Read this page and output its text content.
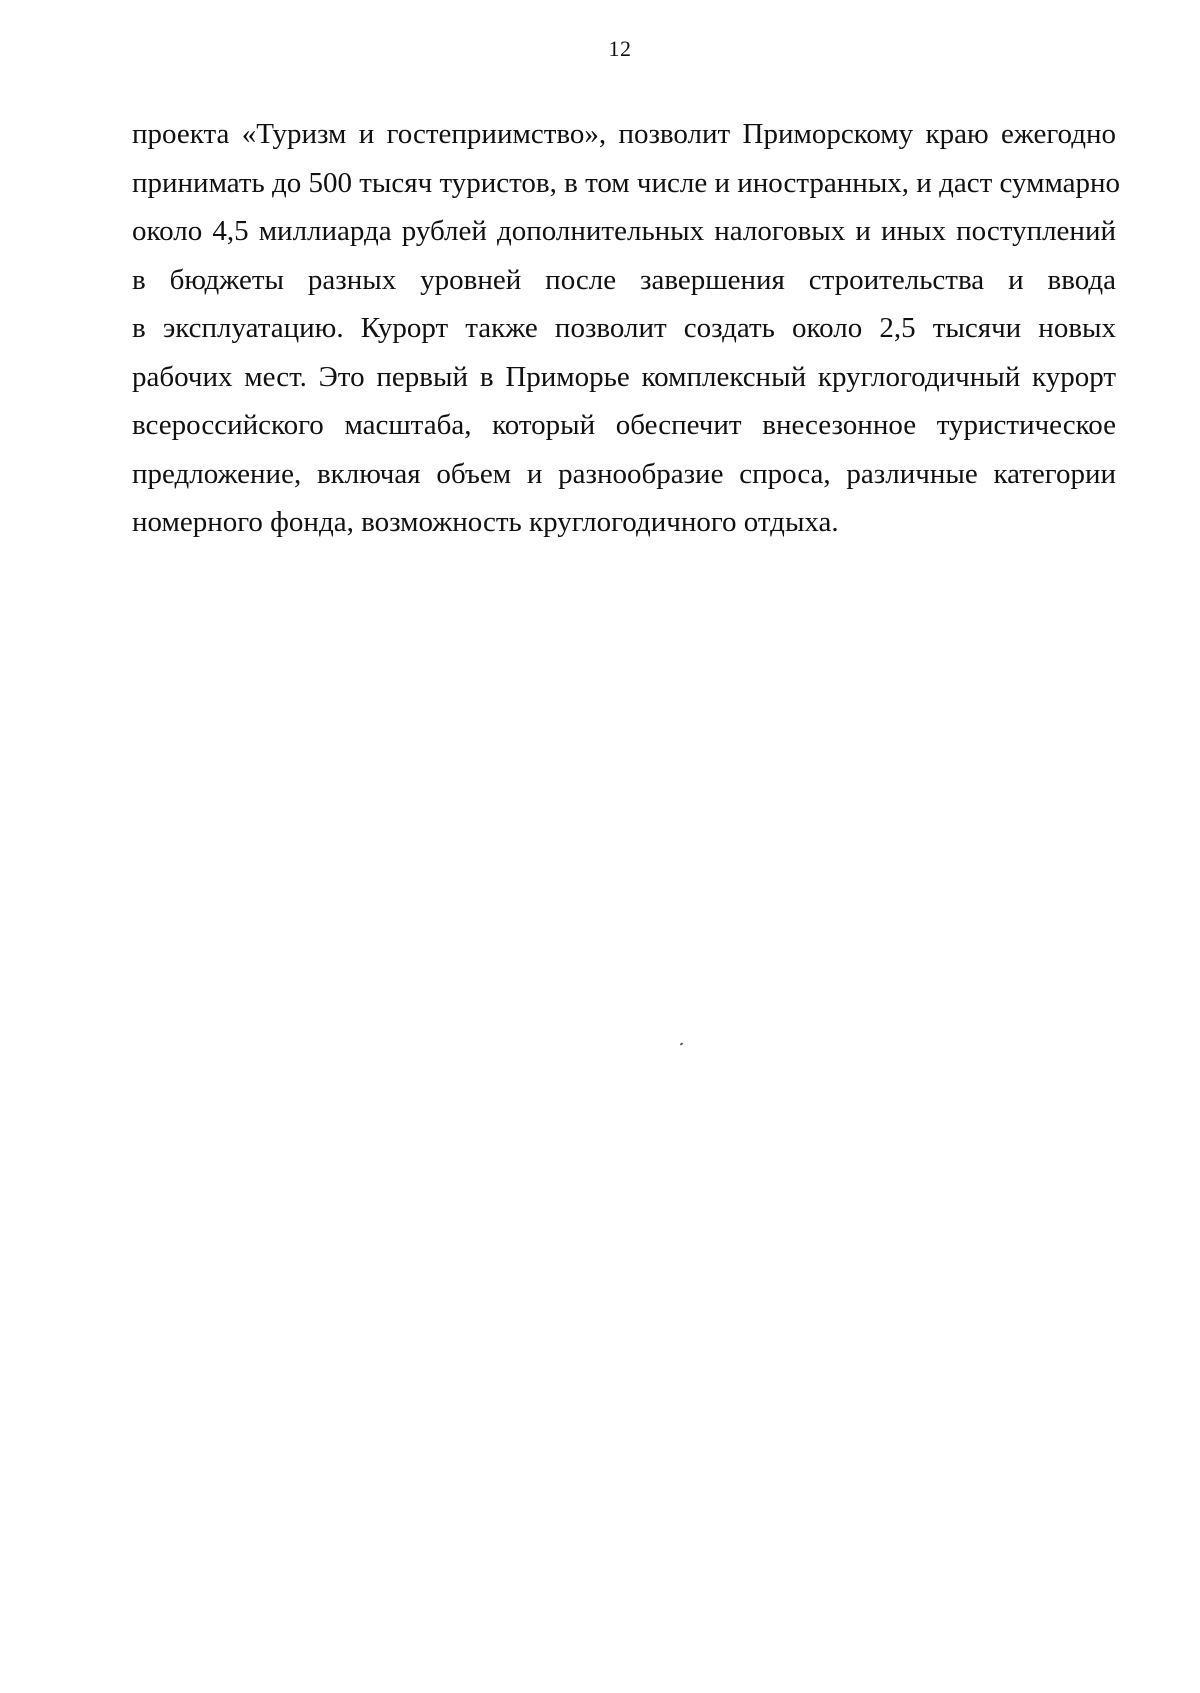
12

проекта «Туризм и гостеприимство», позволит Приморскому краю ежегодно
принимать до 500 тысяч туристов, в том числе и иностранных, и даст суммарно
около 4,5 миллиарда рублей дополнительных налоговых и иных поступлений
в бюджеты разных уровней после завершения строительства и ввода
в эксплуатацию. Курорт также позволит создать около 2,5 тысячи новых
рабочих мест. Это первый в Приморье комплексный круглогодичный курорт
всероссийского масштаба, который обеспечит внесезонное туристическое
предложение, включая объем и разнообразие спроса, различные категории
номерного фонда, возможность круглогодичного отдыха.
